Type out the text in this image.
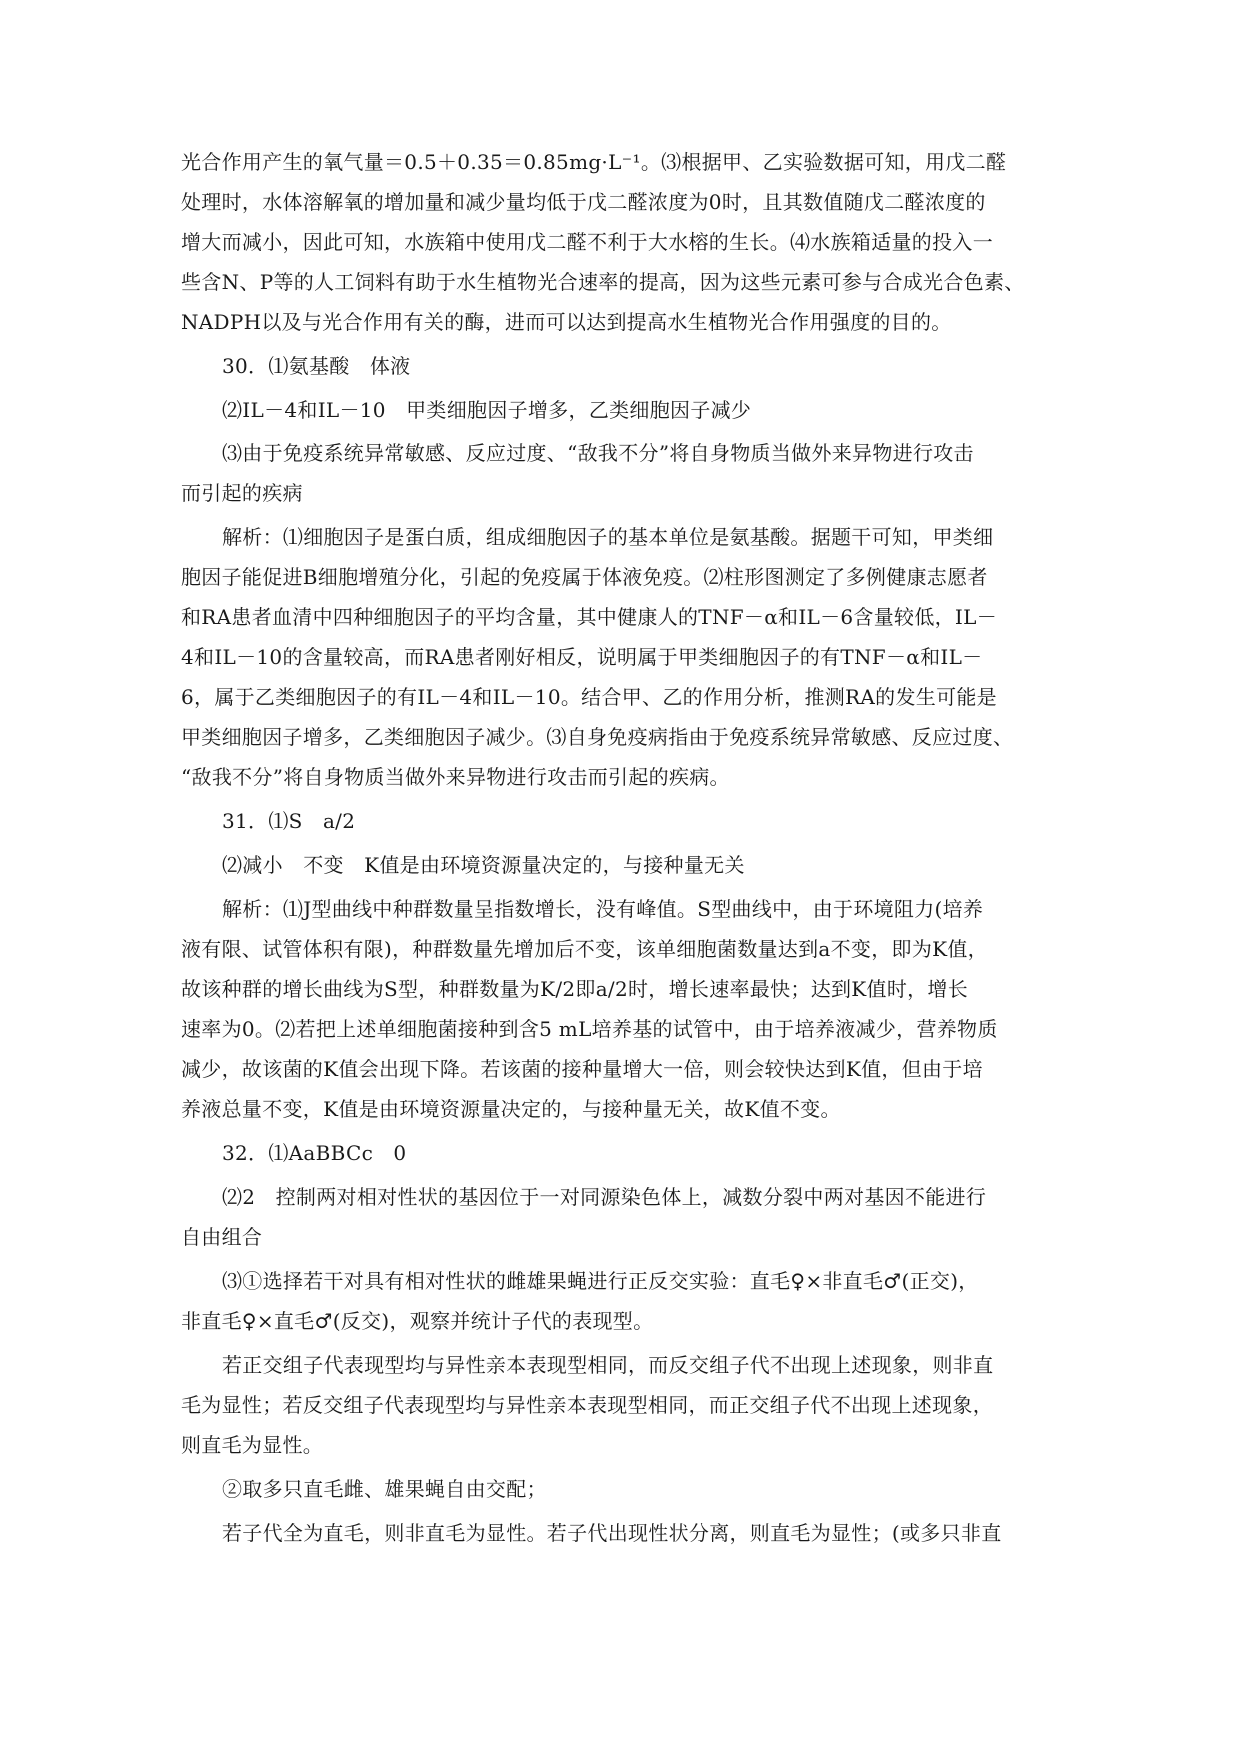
光合作用产生的氧气量＝0.5＋0.35＝0.85mg·L⁻¹。⑶根据甲、乙实验数据可知，用戊二醛
处理时，水体溶解氧的增加量和减少量均低于戊二醛浓度为0时，且其数值随戊二醛浓度的
增大而减小，因此可知，水族箱中使用戊二醛不利于大水榕的生长。⑷水族箱适量的投入一
些含N、P等的人工饲料有助于水生植物光合速率的提高，因为这些元素可参与合成光合色素、
NADPH以及与光合作用有关的酶，进而可以达到提高水生植物光合作用强度的目的。
30．⑴氨基酸　体液
⑵IL－4和IL－10　甲类细胞因子增多，乙类细胞因子减少
⑶由于免疫系统异常敏感、反应过度、“敌我不分”将自身物质当做外来异物进行攻击
而引起的疾病
解析：⑴细胞因子是蛋白质，组成细胞因子的基本单位是氨基酸。据题干可知，甲类细
胞因子能促进B细胞增殖分化，引起的免疫属于体液免疫。⑵柱形图测定了多例健康志愿者
和RA患者血清中四种细胞因子的平均含量，其中健康人的TNF－α和IL－6含量较低，IL－
4和IL－10的含量较高，而RA患者刚好相反，说明属于甲类细胞因子的有TNF－α和IL－
6，属于乙类细胞因子的有IL－4和IL－10。结合甲、乙的作用分析，推测RA的发生可能是
甲类细胞因子增多，乙类细胞因子减少。⑶自身免疫病指由于免疫系统异常敏感、反应过度、
“敌我不分”将自身物质当做外来异物进行攻击而引起的疾病。
31．⑴S　a/2
⑵减小　不变　K值是由环境资源量决定的，与接种量无关
解析：⑴J型曲线中种群数量呈指数增长，没有峰值。S型曲线中，由于环境阻力(培养
液有限、试管体积有限)，种群数量先增加后不变，该单细胞菌数量达到a不变，即为K值，
故该种群的增长曲线为S型，种群数量为K/2即a/2时，增长速率最快；达到K值时，增长
速率为0。⑵若把上述单细胞菌接种到含5 mL培养基的试管中，由于培养液减少，营养物质
减少，故该菌的K值会出现下降。若该菌的接种量增大一倍，则会较快达到K值，但由于培
养液总量不变，K值是由环境资源量决定的，与接种量无关，故K值不变。
32．⑴AaBBCc　0
⑵2　控制两对相对性状的基因位于一对同源染色体上，减数分裂中两对基因不能进行
自由组合
⑶①选择若干对具有相对性状的雌雄果蝇进行正反交实验：直毛♀×非直毛♂(正交)，
非直毛♀×直毛♂(反交)，观察并统计子代的表现型。
若正交组子代表现型均与异性亲本表现型相同，而反交组子代不出现上述现象，则非直
毛为显性；若反交组子代表现型均与异性亲本表现型相同，而正交组子代不出现上述现象，
则直毛为显性。
②取多只直毛雌、雄果蝇自由交配；
若子代全为直毛，则非直毛为显性。若子代出现性状分离，则直毛为显性；(或多只非直
